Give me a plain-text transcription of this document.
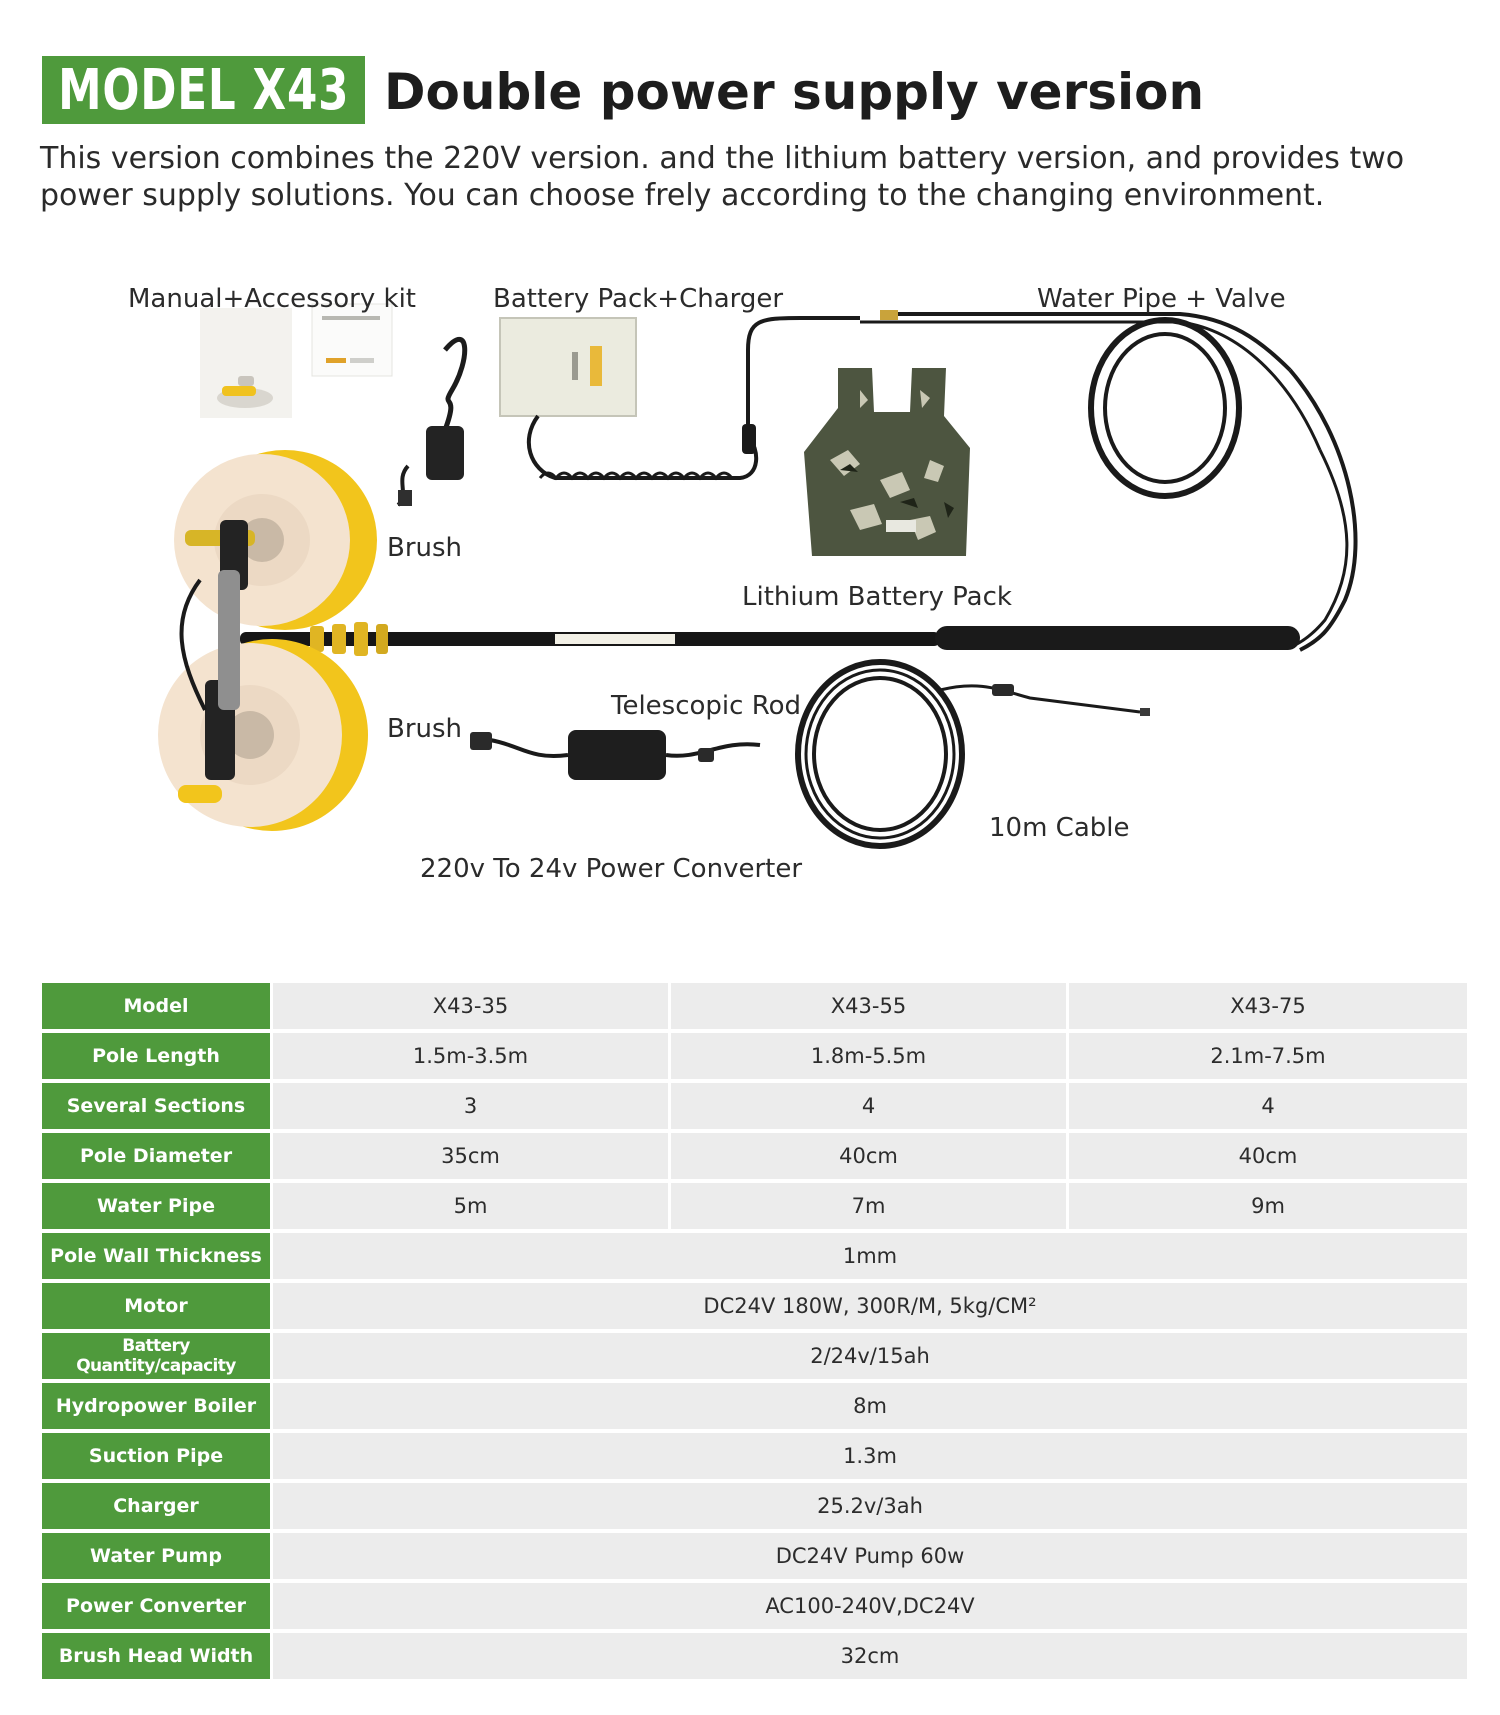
MODEL X43 Double power supply version
This version combines the 220V version. and the lithium battery version, and provides two power supply solutions. You can choose frely according to the changing environment.
Manual+Accessory kit	Battery Pack+Charger	Water Pipe + Valve
Brush
Lithium Battery Pack
Telescopic Rod
Brush
10m Cable
220v To 24v Power Converter
Model	X43-35	X43-55	X43-75
Pole Length	1.5m-3.5m	1.8m-5.5m	2.1m-7.5m
Several Sections	3	4	4
Pole Diameter	35cm	40cm	40cm
Water Pipe	5m	7m	9m
Pole Wall Thickness	1mm		
Motor	DC24V 180W, 300R/M, 5kg/CM²		
Battery Quantity/capacity	2/24v/15ah		
Hydropower Boiler	8m		
Suction Pipe	1.3m		
Charger	25.2v/3ah		
Water Pump	DC24V Pump 60w		
Power Converter	AC100-240V,DC24V		
Brush Head Width	32cm		
